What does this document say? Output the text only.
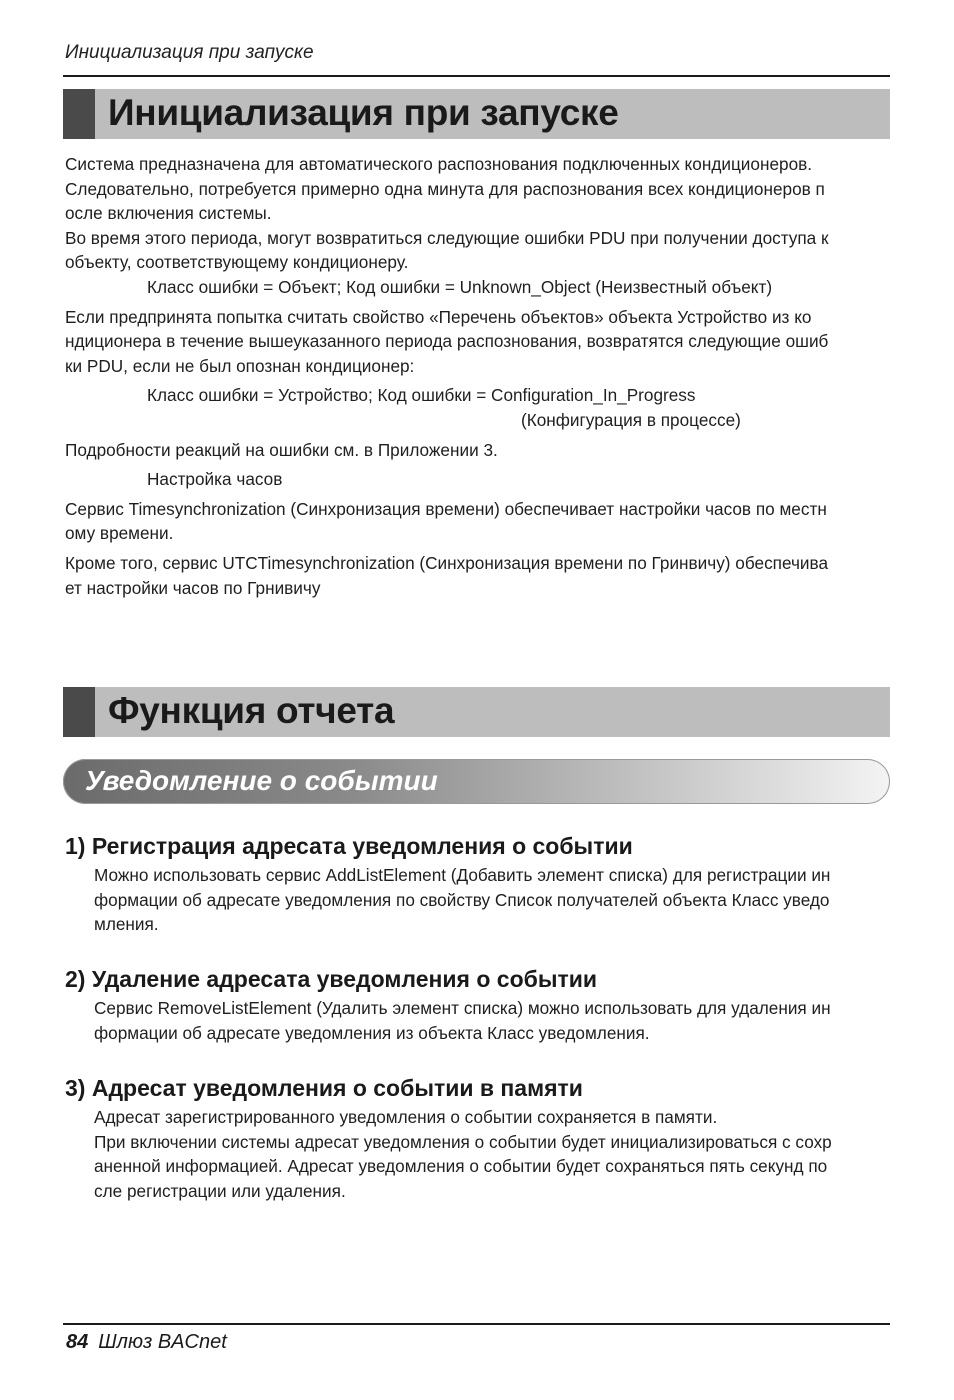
Инициализация при запуске
Инициализация при запуске

Система предназначена для автоматического распознования подключенных кондиционеров.

Следовательно, потребуется примерно одна минута для распознования всех кондиционеров п

осле включения системы.

Во время этого периода, могут возвратиться следующие ошибки PDU при получении доступа к

объекту, соответствующему кондиционеру.

Класс ошибки = Объект; Код ошибки = Unknown_Object (Неизвестный объект)

Если предпринята попытка считать свойство «Перечень объектов» объекта Устройство из ко

ндиционера в течение вышеуказанного периода распознования, возвратятся следующие ошиб

ки PDU, если не был опознан кондиционер:

Класс ошибки = Устройство; Код ошибки = Configuration_In_Progress

(Конфигурация в процессе)

Подробности реакций на ошибки см. в Приложении 3.

Настройка часов

Сервис Timesynchronization (Синхронизация времени) обеспечивает настройки часов по местн

ому времени.

Кроме того, сервис UTCTimesynchronization (Синхронизация времени по Гринвичу) обеспечива

ет настройки часов по Грнивичу

Функция отчета
Уведомление о событии
1) Регистрация адресата уведомления о событии

Можно использовать сервис AddListElement (Добавить элемент списка) для регистрации ин

формации об адресате уведомления по свойству Список получателей объекта Класс уведо

мления.

2) Удаление адресата уведомления о событии

Сервис RemoveListElement (Удалить элемент списка) можно использовать для удаления ин

формации об адресате уведомления из объекта Класс уведомления.

3) Адресат уведомления о событии в памяти

Адресат зарегистрированного уведомления о событии сохраняется в памяти.

При включении системы адресат уведомления о событии будет инициализироваться с сохр

аненной информацией. Адресат уведомления о событии будет сохраняться пять секунд по

сле регистрации или удаления.

84 Шлюз BACnet
